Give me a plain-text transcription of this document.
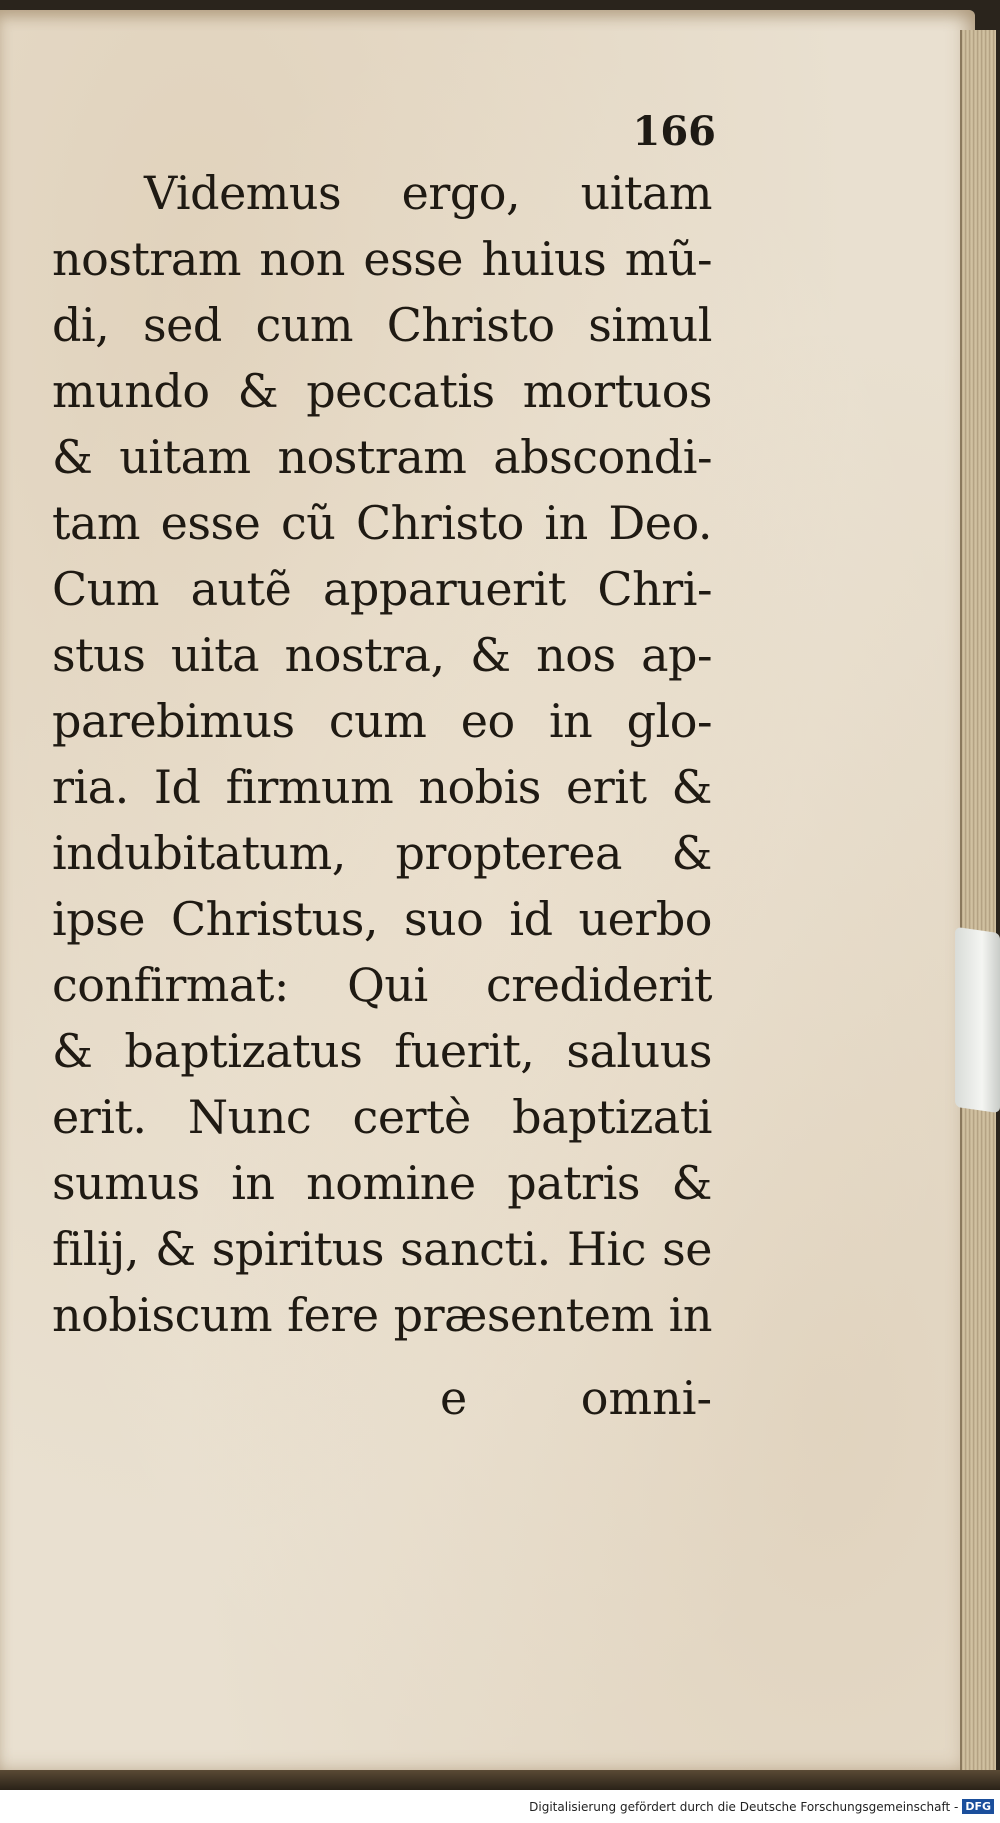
166
Videmus ergo, uitam
nostram non esse huius mũ-
di, sed cum Christo simul
mundo & peccatis mortuos
& uitam nostram abscondi-
tam esse cũ Christo in Deo.
Cum autẽ apparuerit Chri-
stus uita nostra, & nos ap-
parebimus cum eo in glo-
ria. Id firmum nobis erit &
indubitatum, propterea &
ipse Christus, suo id uerbo
confirmat: Qui crediderit
& baptizatus fuerit, saluus
erit. Nunc certè baptizati
sumus in nomine patris &
filij, & spiritus sancti. Hic se
nobiscum fere præsentem in
e omni-
Digitalisierung gefördert durch die Deutsche Forschungsgemeinschaft - DFG
